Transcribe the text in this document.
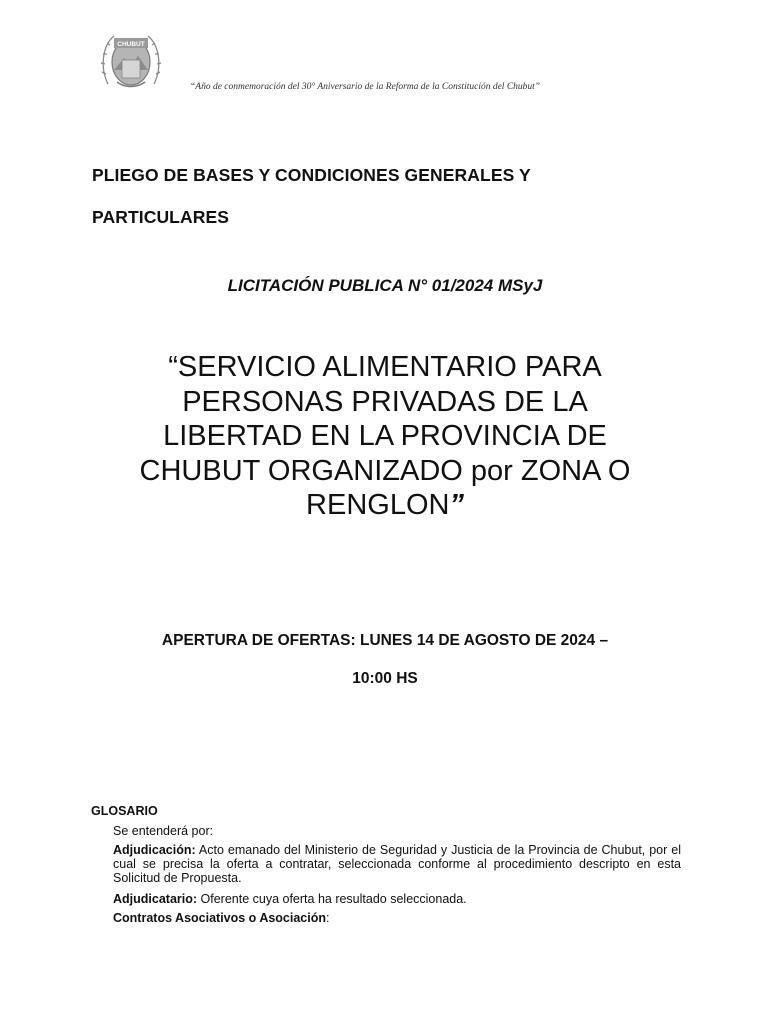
CHUBUT
“Año de conmemoración del 30° Aniversario de la Reforma de la Constitución del Chubut”
PLIEGO DE BASES Y CONDICIONES GENERALES Y
PARTICULARES
LICITACIÓN PUBLICA N° 01/2024 MSyJ
“SERVICIO ALIMENTARIO PARA
PERSONAS PRIVADAS DE LA
LIBERTAD EN LA PROVINCIA DE
CHUBUT ORGANIZADO por ZONA O
RENGLON”
APERTURA DE OFERTAS: LUNES 14 DE AGOSTO DE 2024 –
10:00 HS
GLOSARIO
Se entenderá por:
Adjudicación: Acto emanado del Ministerio de Seguridad y Justicia de la Provincia de Chubut, por el cual se precisa la oferta a contratar, seleccionada conforme al procedimiento descripto en esta Solicitud de Propuesta.
Adjudicatario: Oferente cuya oferta ha resultado seleccionada.
Contratos Asociativos o Asociación:
